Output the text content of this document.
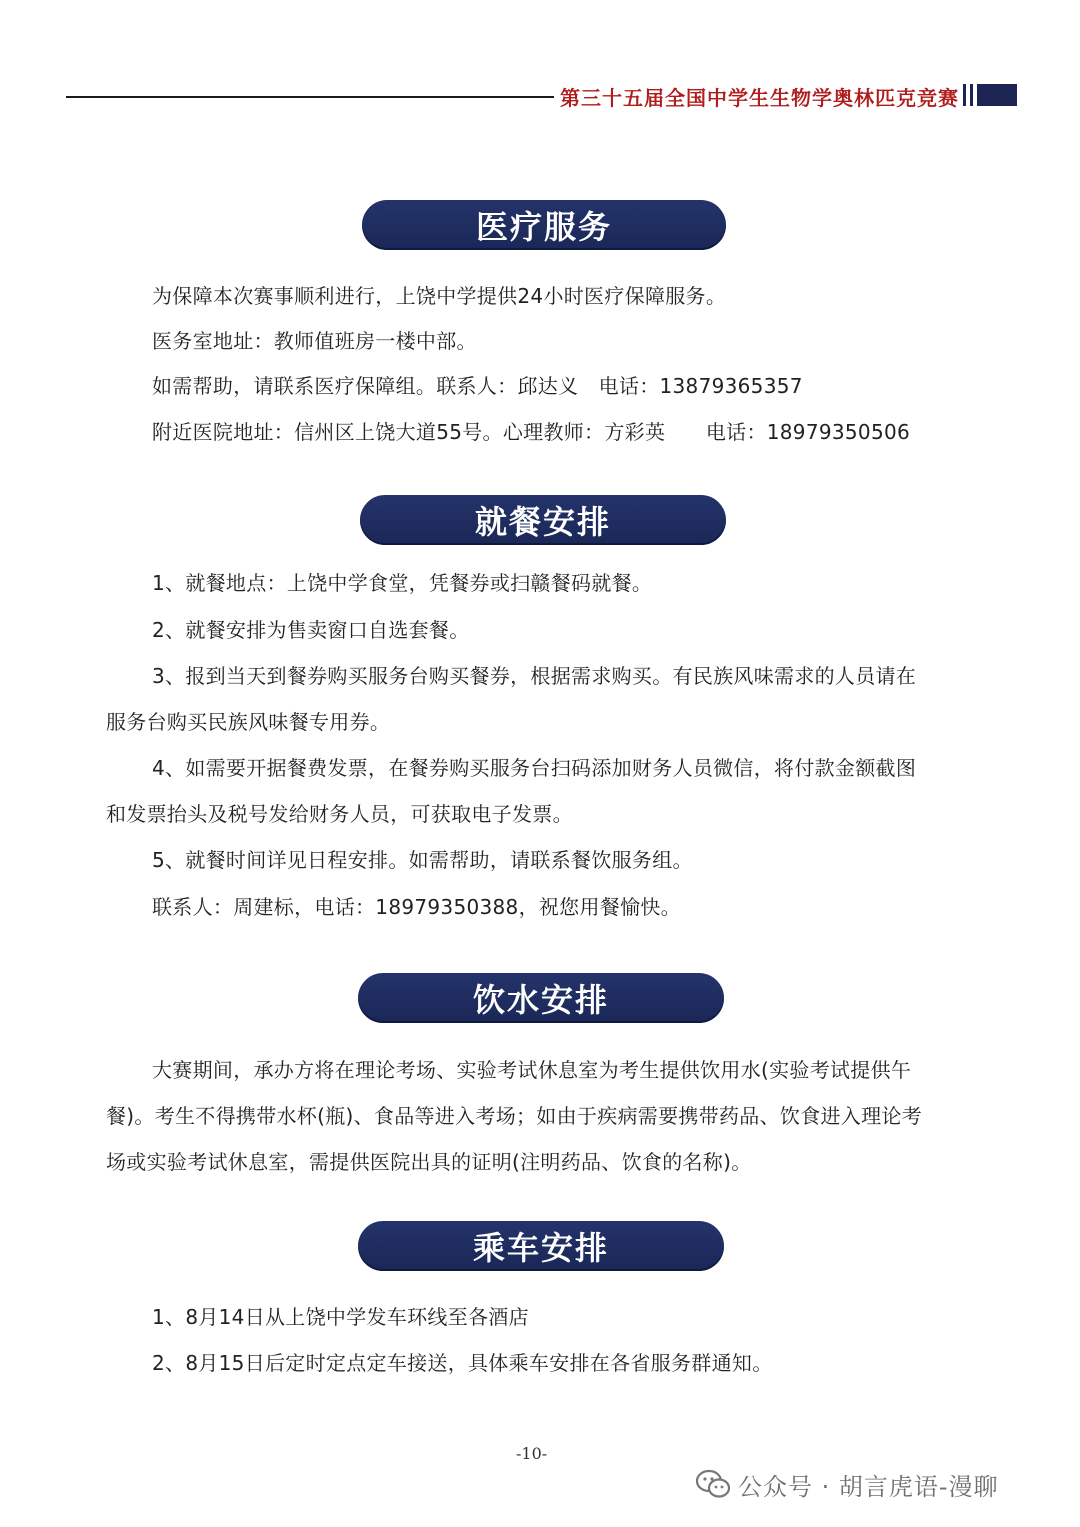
第三十五届全国中学生生物学奥林匹克竞赛
医疗服务
为保障本次赛事顺利进行，上饶中学提供24小时医疗保障服务。
医务室地址：教师值班房一楼中部。
如需帮助，请联系医疗保障组。联系人：邱达义　电话：13879365357
附近医院地址：信州区上饶大道55号。心理教师：方彩英　　电话：18979350506
就餐安排
1、就餐地点：上饶中学食堂，凭餐券或扫赣餐码就餐。
2、就餐安排为售卖窗口自选套餐。
3、报到当天到餐券购买服务台购买餐券，根据需求购买。有民族风味需求的人员请在
服务台购买民族风味餐专用券。
4、如需要开据餐费发票，在餐券购买服务台扫码添加财务人员微信，将付款金额截图
和发票抬头及税号发给财务人员，可获取电子发票。
5、就餐时间详见日程安排。如需帮助，请联系餐饮服务组。
联系人：周建标，电话：18979350388，祝您用餐愉快。
饮水安排
大赛期间，承办方将在理论考场、实验考试休息室为考生提供饮用水(实验考试提供午
餐)。考生不得携带水杯(瓶)、食品等进入考场；如由于疾病需要携带药品、饮食进入理论考
场或实验考试休息室，需提供医院出具的证明(注明药品、饮食的名称)。
乘车安排
1、8月14日从上饶中学发车环线至各酒店
2、8月15日后定时定点定车接送，具体乘车安排在各省服务群通知。
-10-
公众号 · 胡言虎语-漫聊
